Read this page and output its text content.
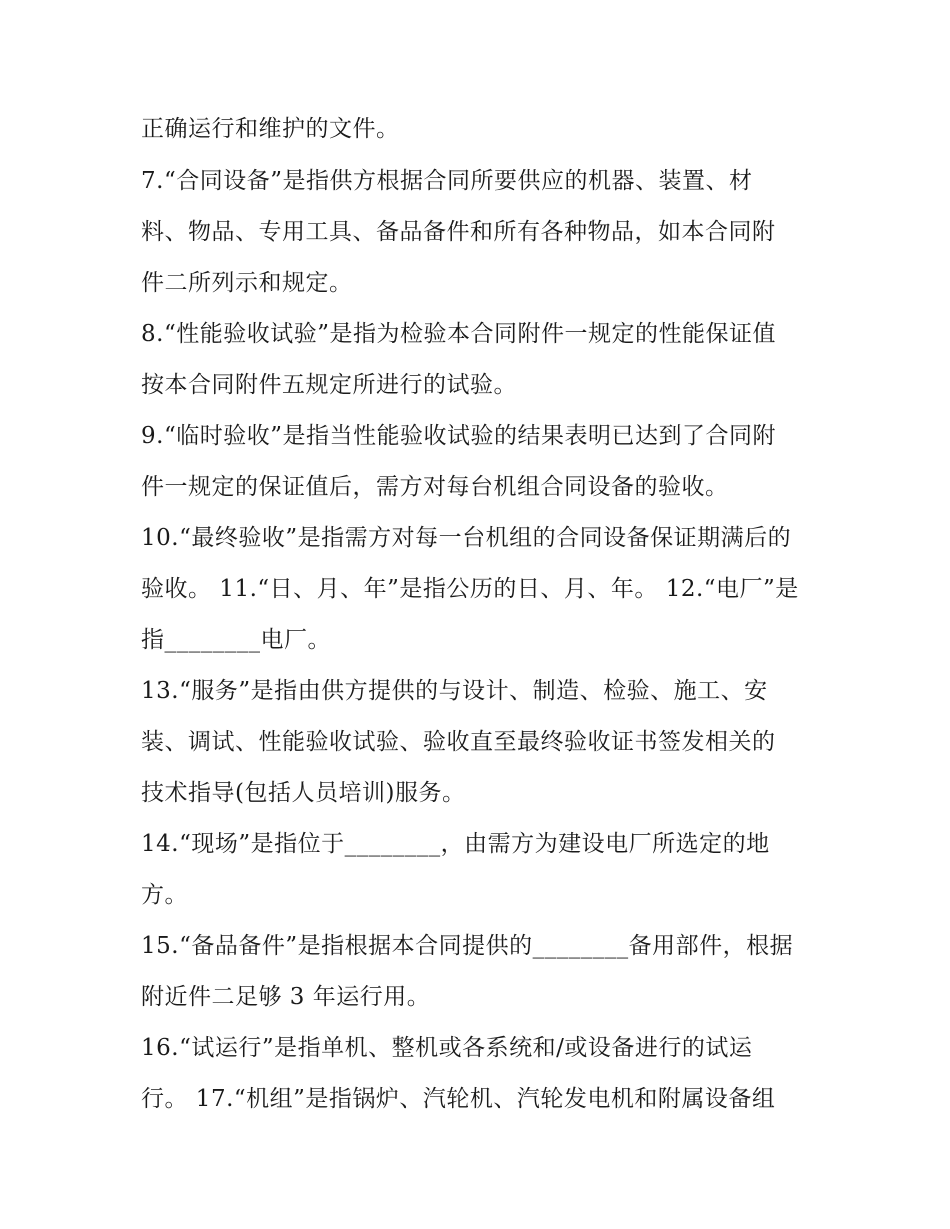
正确运行和维护的文件。
7.“合同设备”是指供方根据合同所要供应的机器、装置、材
料、物品、专用工具、备品备件和所有各种物品，如本合同附
件二所列示和规定。
8.“性能验收试验”是指为检验本合同附件一规定的性能保证值
按本合同附件五规定所进行的试验。
9.“临时验收”是指当性能验收试验的结果表明已达到了合同附
件一规定的保证值后，需方对每台机组合同设备的验收。
10.“最终验收”是指需方对每一台机组的合同设备保证期满后的
验收。 11.“日、月、年”是指公历的日、月、年。 12.“电厂”是
指________电厂。
13.“服务”是指由供方提供的与设计、制造、检验、施工、安
装、调试、性能验收试验、验收直至最终验收证书签发相关的
技术指导(包括人员培训)服务。
14.“现场”是指位于________，由需方为建设电厂所选定的地
方。
15.“备品备件”是指根据本合同提供的________备用部件，根据
附近件二足够 3 年运行用。
16.“试运行”是指单机、整机或各系统和/或设备进行的试运
行。 17.“机组”是指锅炉、汽轮机、汽轮发电机和附属设备组
